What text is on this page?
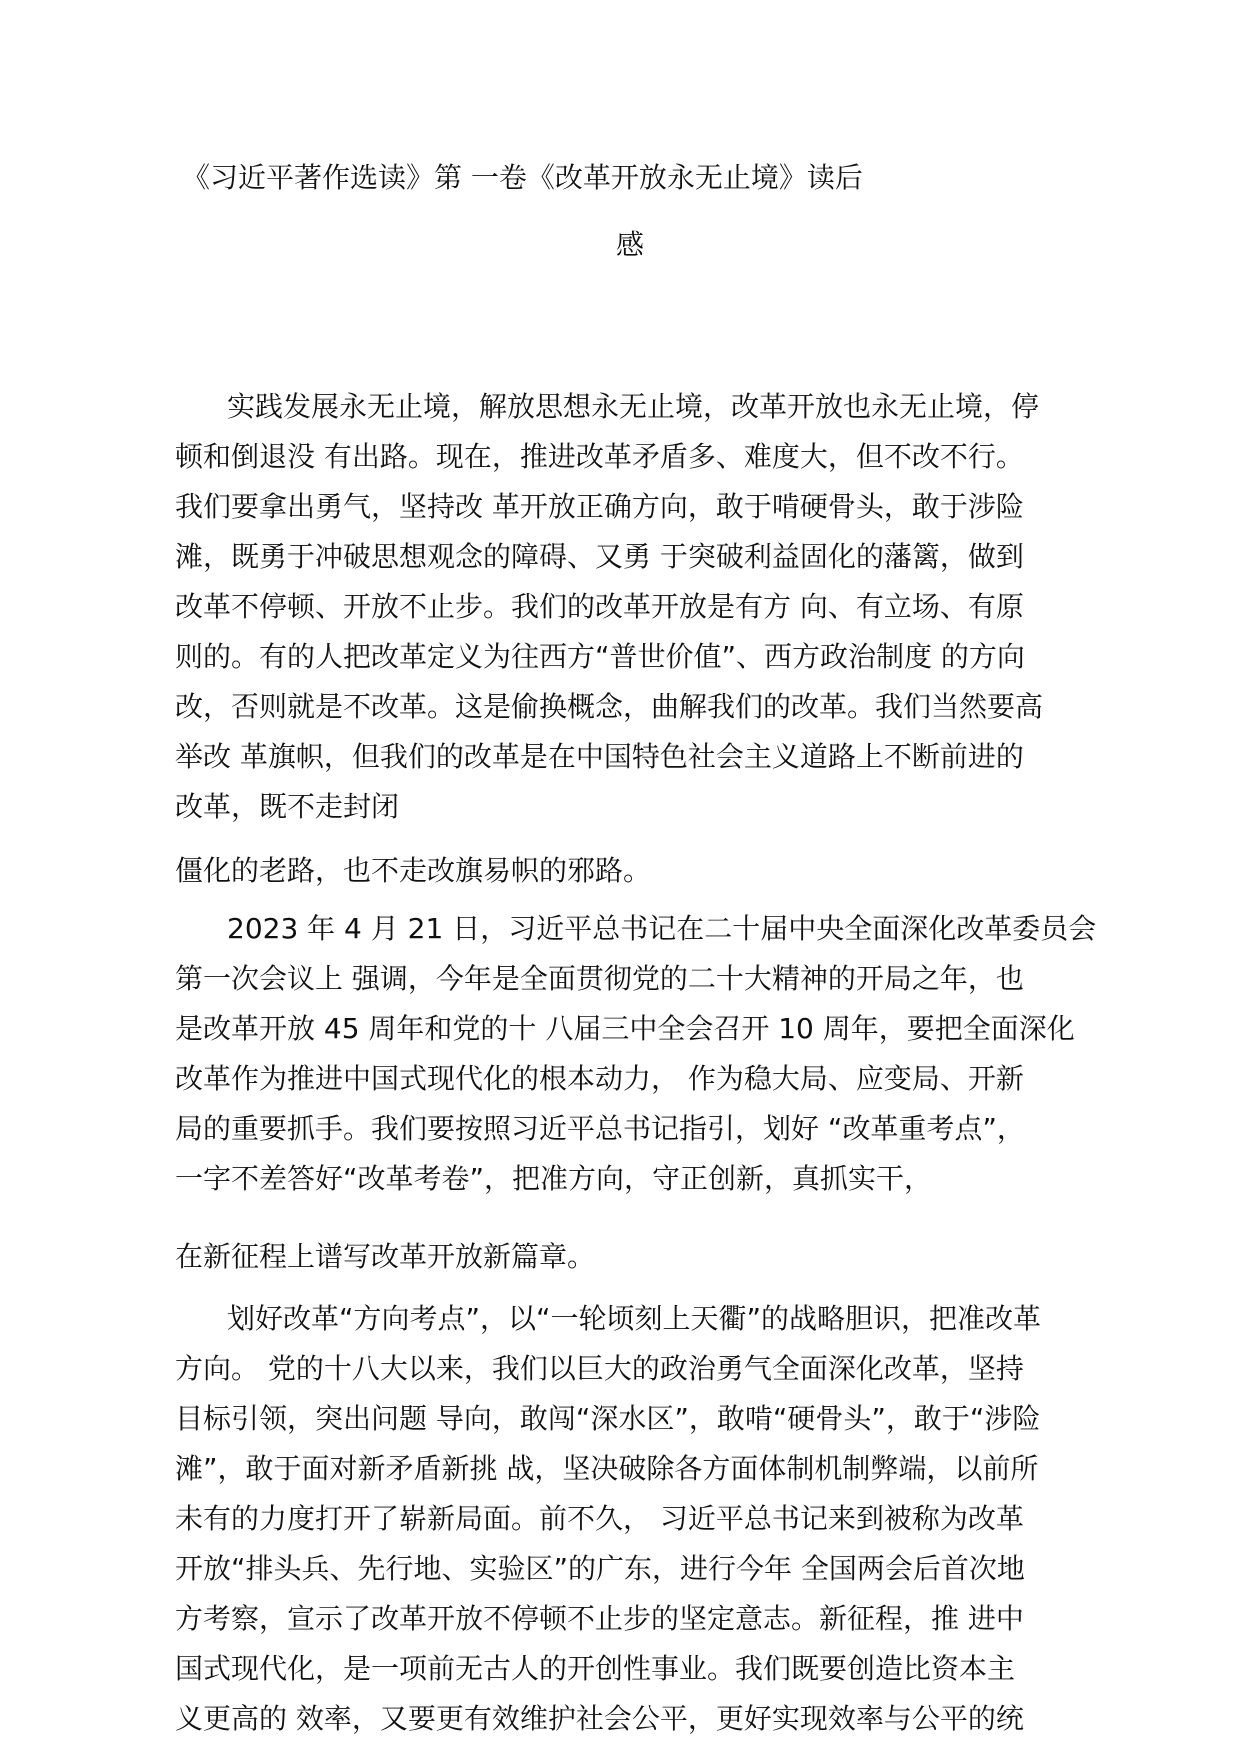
《习近平著作选读》第 一卷《改革开放永无止境》读后
感
实践发展永无止境，解放思想永无止境，改革开放也永无止境，停
顿和倒退没 有出路。现在，推进改革矛盾多、难度大，但不改不行。
我们要拿出勇气，坚持改 革开放正确方向，敢于啃硬骨头，敢于涉险
滩，既勇于冲破思想观念的障碍、又勇 于突破利益固化的藩篱，做到
改革不停顿、开放不止步。我们的改革开放是有方 向、有立场、有原
则的。有的人把改革定义为往西方“普世价值”、西方政治制度 的方向
改，否则就是不改革。这是偷换概念，曲解我们的改革。我们当然要高
举改 革旗帜，但我们的改革是在中国特色社会主义道路上不断前进的
改革，既不走封闭
僵化的老路，也不走改旗易帜的邪路。
2023 年 4 月 21 日，习近平总书记在二十届中央全面深化改革委员会
第一次会议上 强调，今年是全面贯彻党的二十大精神的开局之年，也
是改革开放 45 周年和党的十 八届三中全会召开 10 周年，要把全面深化
改革作为推进中国式现代化的根本动力， 作为稳大局、应变局、开新
局的重要抓手。我们要按照习近平总书记指引，划好 “改革重考点”，
一字不差答好“改革考卷”，把准方向，守正创新，真抓实干，
在新征程上谱写改革开放新篇章。
划好改革“方向考点”，以“一轮顷刻上天衢”的战略胆识，把准改革
方向。 党的十八大以来，我们以巨大的政治勇气全面深化改革，坚持
目标引领，突出问题 导向，敢闯“深水区”，敢啃“硬骨头”，敢于“涉险
滩”，敢于面对新矛盾新挑 战，坚决破除各方面体制机制弊端，以前所
未有的力度打开了崭新局面。前不久， 习近平总书记来到被称为改革
开放“排头兵、先行地、实验区”的广东，进行今年 全国两会后首次地
方考察，宣示了改革开放不停顿不止步的坚定意志。新征程，推 进中
国式现代化，是一项前无古人的开创性事业。我们既要创造比资本主
义更高的 效率，又要更有效维护社会公平，更好实现效率与公平的统
